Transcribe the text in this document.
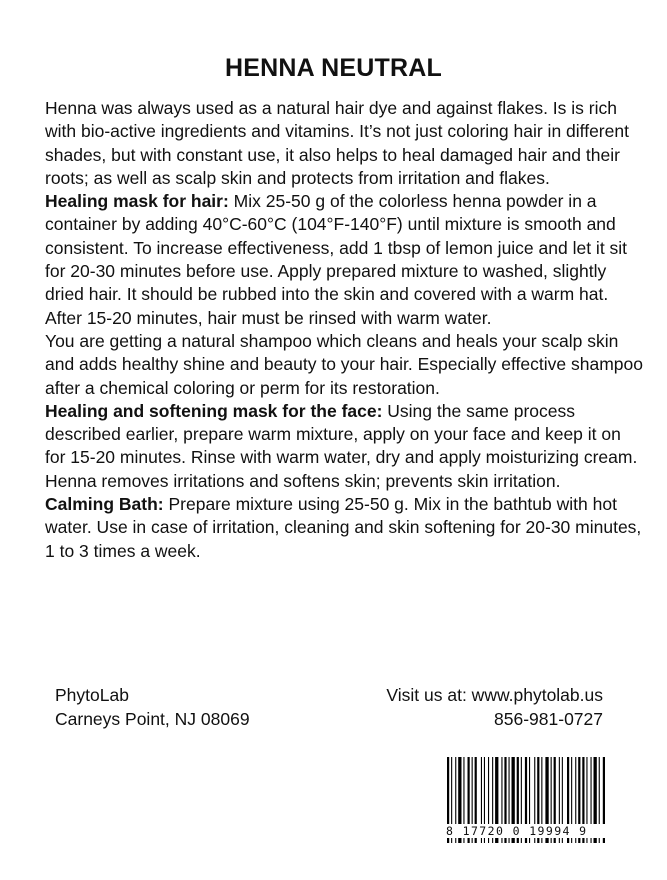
HENNA NEUTRAL

Henna was always used as a natural hair dye and against flakes. Is is rich with bio-active ingredients and vitamins. It’s not just coloring hair in different shades, but with constant use, it also helps to heal damaged hair and their roots; as well as scalp skin and protects from irritation and flakes.

Healing mask for hair: Mix 25-50 g of the colorless henna powder in a container by adding 40°C-60°C (104°F-140°F) until mixture is smooth and consistent. To increase effectiveness, add 1 tbsp of lemon juice and let it sit for 20-30 minutes before use. Apply prepared mixture to washed, slightly dried hair. It should be rubbed into the skin and covered with a warm hat. After 15-20 minutes, hair must be rinsed with warm water.

You are getting a natural shampoo which cleans and heals your scalp skin and adds healthy shine and beauty to your hair. Especially effective shampoo after a chemical coloring or perm for its restoration.

Healing and softening mask for the face: Using the same process described earlier, prepare warm mixture, apply on your face and keep it on for 15-20 minutes. Rinse with warm water, dry and apply moisturizing cream. Henna removes irritations and softens skin; prevents skin irritation.

Calming Bath: Prepare mixture using 25-50 g. Mix in the bathtub with hot water. Use in case of irritation, cleaning and skin softening for 20-30 minutes, 1 to 3 times a week.

PhytoLab
Carneys Point, NJ 08069
Visit us at: www.phytolab.us
856-981-0727
8 17720 0 19994 9
